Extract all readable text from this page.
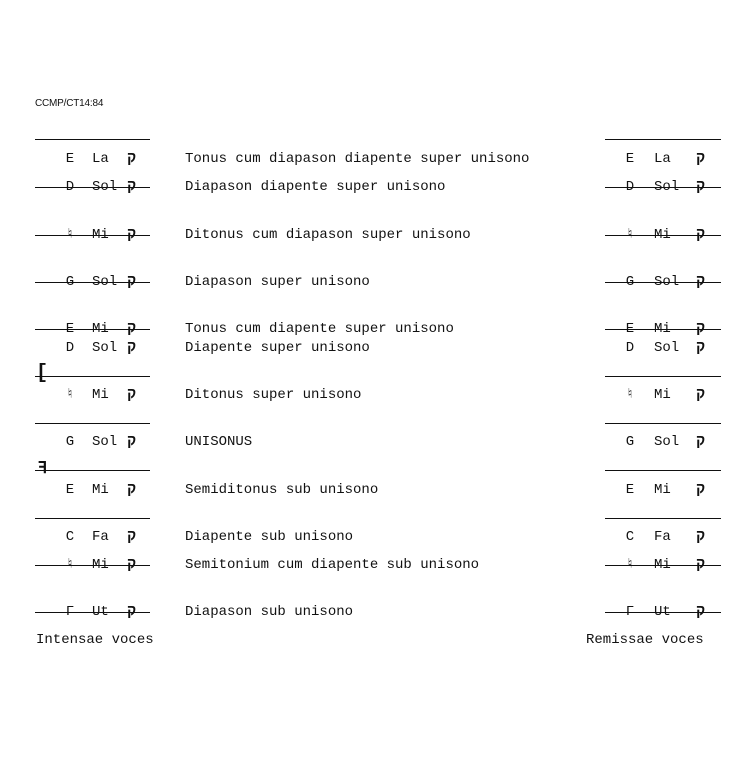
CCMP/CT14:84
[
ꟻ
E La ק	Tonus cum diapason diapente super unisono	E La ק
D Sol ק	Diapason diapente super unisono	D Sol ק
♮ Mi ק	Ditonus cum diapason super unisono	♮ Mi ק
G Sol ק	Diapason super unisono	G Sol ק
E Mi ק	Tonus cum diapente super unisono	E Mi ק
D Sol ק	Diapente super unisono	D Sol ק
♮ Mi ק	Ditonus super unisono	♮ Mi ק
G Sol ק	UNISONUS	G Sol ק
E Mi ק	Semiditonus sub unisono	E Mi ק
C Fa ק	Diapente sub unisono	C Fa ק
♮ Mi ק	Semitonium cum diapente sub unisono	♮ Mi ק
Γ Ut ק	Diapason sub unisono	Γ Ut ק
Intensae voces	Remissae voces
